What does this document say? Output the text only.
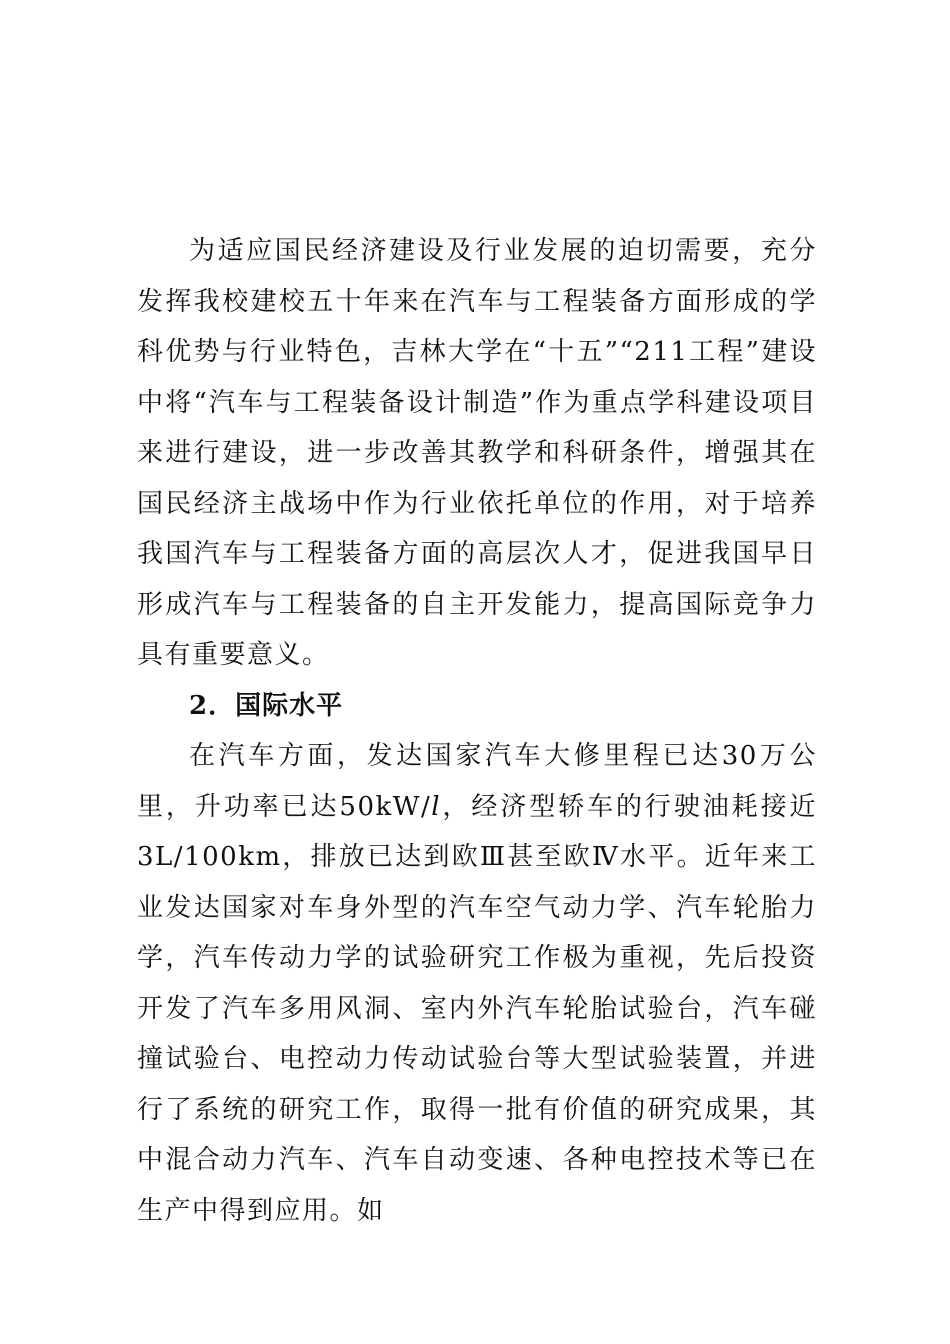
为适应国民经济建设及行业发展的迫切需要，充分发挥我校建校五十年来在汽车与工程装备方面形成的学科优势与行业特色，吉林大学在“十五”“211工程”建设中将“汽车与工程装备设计制造”作为重点学科建设项目来进行建设，进一步改善其教学和科研条件，增强其在国民经济主战场中作为行业依托单位的作用，对于培养我国汽车与工程装备方面的高层次人才，促进我国早日形成汽车与工程装备的自主开发能力，提高国际竞争力具有重要意义。

2．国际水平

在汽车方面，发达国家汽车大修里程已达30万公里，升功率已达50kW/l，经济型轿车的行驶油耗接近3L/100km，排放已达到欧Ⅲ甚至欧Ⅳ水平。近年来工业发达国家对车身外型的汽车空气动力学、汽车轮胎力学，汽车传动力学的试验研究工作极为重视，先后投资开发了汽车多用风洞、室内外汽车轮胎试验台，汽车碰撞试验台、电控动力传动试验台等大型试验装置，并进行了系统的研究工作，取得一批有价值的研究成果，其中混合动力汽车、汽车自动变速、各种电控技术等已在生产中得到应用。如
